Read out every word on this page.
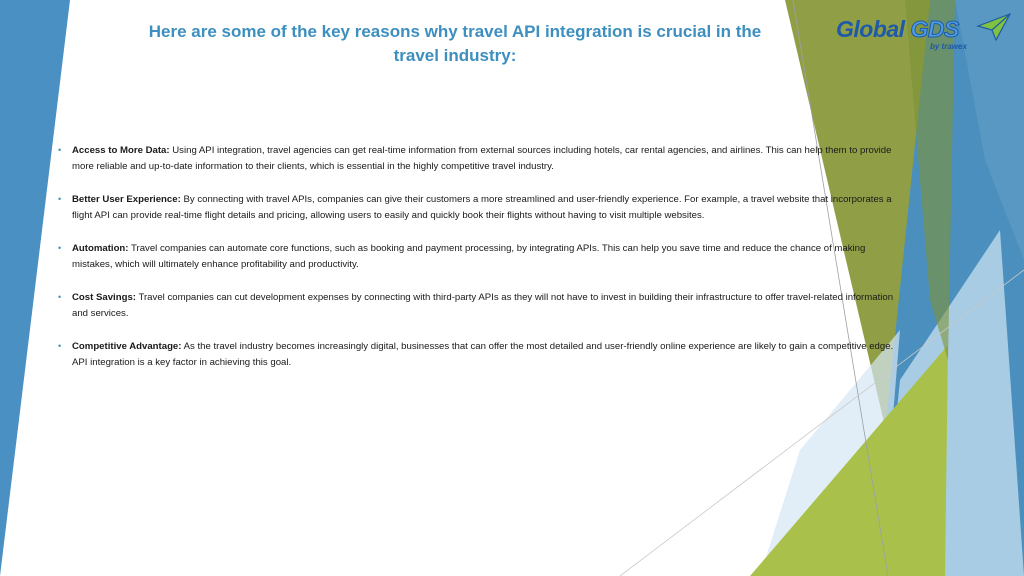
Here are some of the key reasons why travel API integration is crucial in the travel industry:
Global GDS
by trawex
• Access to More Data: Using API integration, travel agencies can get real-time information from external sources including hotels, car rental agencies, and airlines. This can help them to provide more reliable and up-to-date information to their clients, which is essential in the highly competitive travel industry.
• Better User Experience: By connecting with travel APIs, companies can give their customers a more streamlined and user-friendly experience. For example, a travel website that incorporates a flight API can provide real-time flight details and pricing, allowing users to easily and quickly book their flights without having to visit multiple websites.
• Automation: Travel companies can automate core functions, such as booking and payment processing, by integrating APIs. This can help you save time and reduce the chance of making mistakes, which will ultimately enhance profitability and productivity.
• Cost Savings: Travel companies can cut development expenses by connecting with third-party APIs as they will not have to invest in building their infrastructure to offer travel-related information and services.
• Competitive Advantage: As the travel industry becomes increasingly digital, businesses that can offer the most detailed and user-friendly online experience are likely to gain a competitive edge. API integration is a key factor in achieving this goal.
